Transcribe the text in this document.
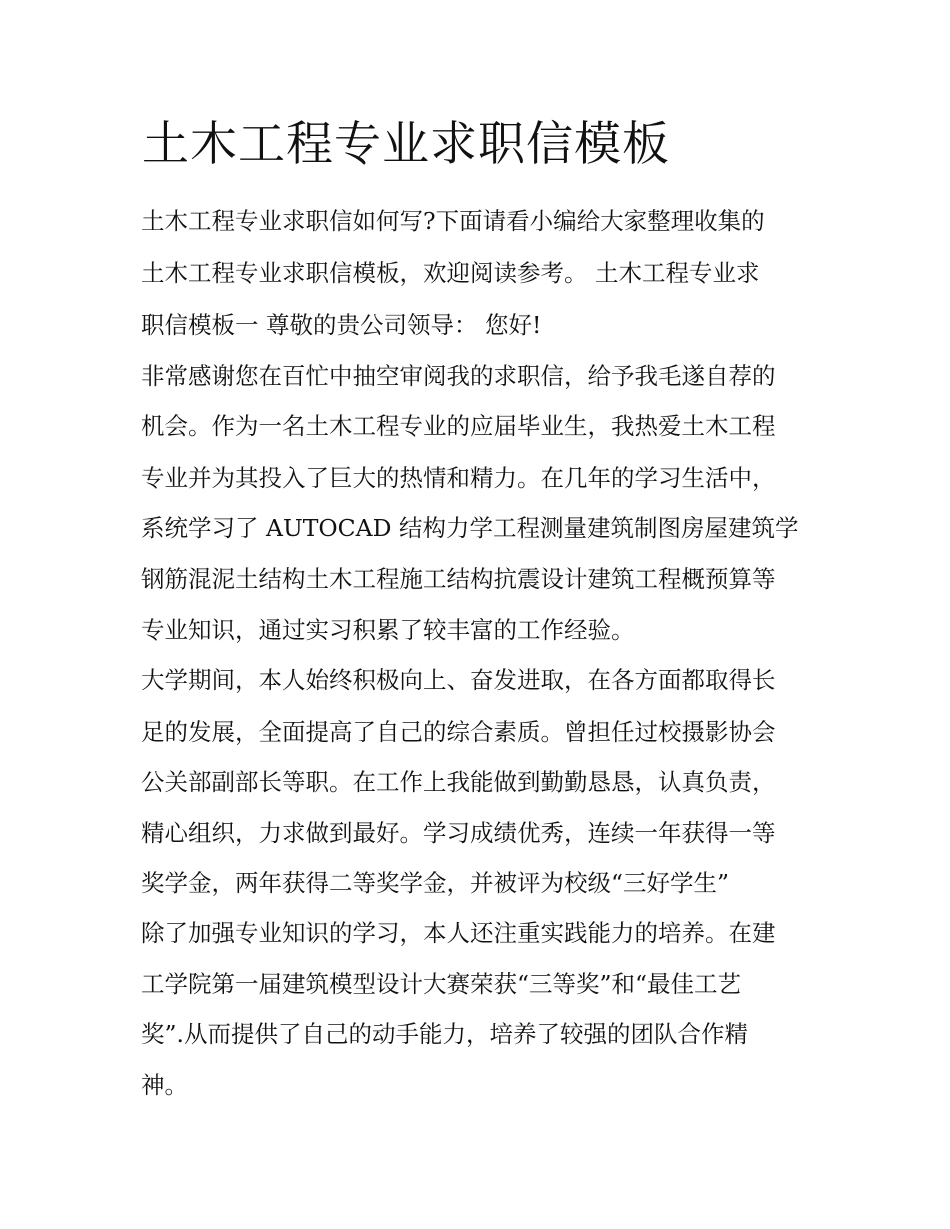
土木工程专业求职信模板

土木工程专业求职信如何写?下面请看小编给大家整理收集的

土木工程专业求职信模板，欢迎阅读参考。 土木工程专业求

职信模板一 尊敬的贵公司领导： 您好!

非常感谢您在百忙中抽空审阅我的求职信，给予我毛遂自荐的

机会。作为一名土木工程专业的应届毕业生，我热爱土木工程

专业并为其投入了巨大的热情和精力。在几年的学习生活中，

系统学习了 AUTOCAD 结构力学工程测量建筑制图房屋建筑学

钢筋混泥土结构土木工程施工结构抗震设计建筑工程概预算等

专业知识，通过实习积累了较丰富的工作经验。

大学期间，本人始终积极向上、奋发进取，在各方面都取得长

足的发展，全面提高了自己的综合素质。曾担任过校摄影协会

公关部副部长等职。在工作上我能做到勤勤恳恳，认真负责，

精心组织，力求做到最好。学习成绩优秀，连续一年获得一等

奖学金，两年获得二等奖学金，并被评为校级“三好学生”

除了加强专业知识的学习，本人还注重实践能力的培养。在建

工学院第一届建筑模型设计大赛荣获“三等奖”和“最佳工艺

奖”.从而提供了自己的动手能力，培养了较强的团队合作精

神。
